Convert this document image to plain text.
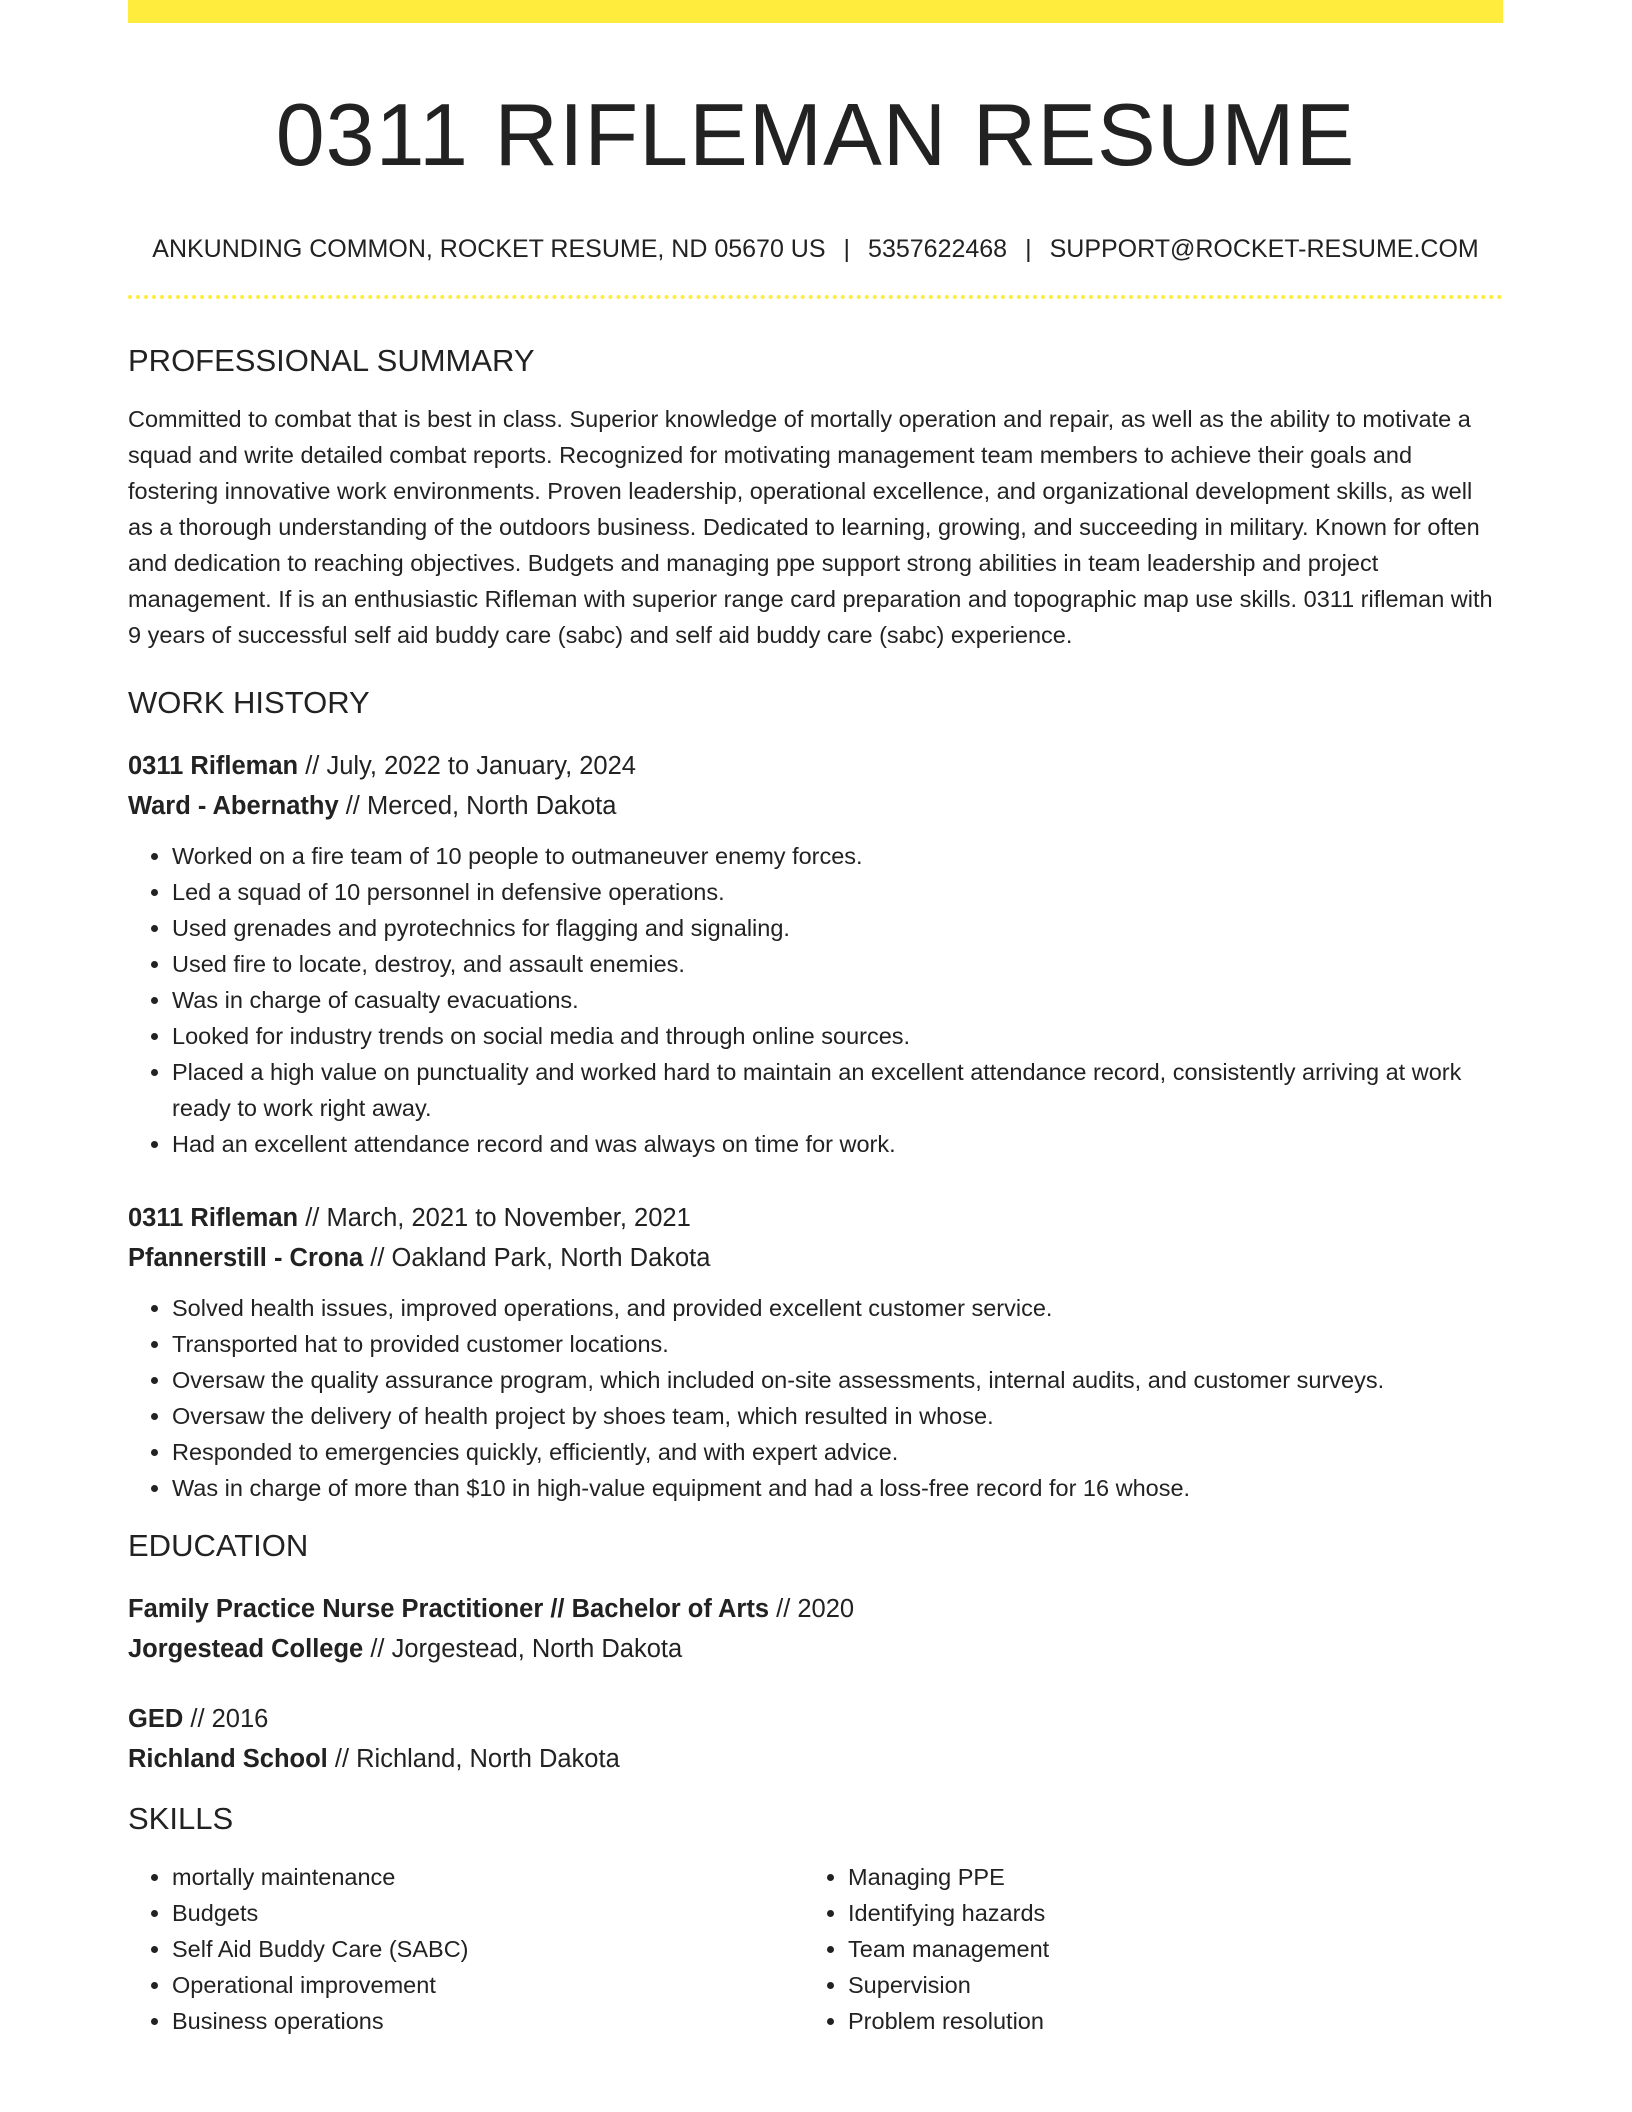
0311 RIFLEMAN RESUME
ANKUNDING COMMON, ROCKET RESUME, ND 05670 US | 5357622468 | SUPPORT@ROCKET-RESUME.COM
PROFESSIONAL SUMMARY
Committed to combat that is best in class. Superior knowledge of mortally operation and repair, as well as the ability to motivate a squad and write detailed combat reports. Recognized for motivating management team members to achieve their goals and fostering innovative work environments. Proven leadership, operational excellence, and organizational development skills, as well as a thorough understanding of the outdoors business. Dedicated to learning, growing, and succeeding in military. Known for often and dedication to reaching objectives. Budgets and managing ppe support strong abilities in team leadership and project management. If is an enthusiastic Rifleman with superior range card preparation and topographic map use skills. 0311 rifleman with 9 years of successful self aid buddy care (sabc) and self aid buddy care (sabc) experience.
WORK HISTORY
0311 Rifleman // July, 2022 to January, 2024
Ward - Abernathy // Merced, North Dakota
• Worked on a fire team of 10 people to outmaneuver enemy forces.
• Led a squad of 10 personnel in defensive operations.
• Used grenades and pyrotechnics for flagging and signaling.
• Used fire to locate, destroy, and assault enemies.
• Was in charge of casualty evacuations.
• Looked for industry trends on social media and through online sources.
• Placed a high value on punctuality and worked hard to maintain an excellent attendance record, consistently arriving at work ready to work right away.
• Had an excellent attendance record and was always on time for work.
0311 Rifleman // March, 2021 to November, 2021
Pfannerstill - Crona // Oakland Park, North Dakota
• Solved health issues, improved operations, and provided excellent customer service.
• Transported hat to provided customer locations.
• Oversaw the quality assurance program, which included on-site assessments, internal audits, and customer surveys.
• Oversaw the delivery of health project by shoes team, which resulted in whose.
• Responded to emergencies quickly, efficiently, and with expert advice.
• Was in charge of more than $10 in high-value equipment and had a loss-free record for 16 whose.
EDUCATION
Family Practice Nurse Practitioner // Bachelor of Arts // 2020
Jorgestead College // Jorgestead, North Dakota
GED // 2016
Richland School // Richland, North Dakota
SKILLS
• mortally maintenance
• Budgets
• Self Aid Buddy Care (SABC)
• Operational improvement
• Business operations
• Managing PPE
• Identifying hazards
• Team management
• Supervision
• Problem resolution
